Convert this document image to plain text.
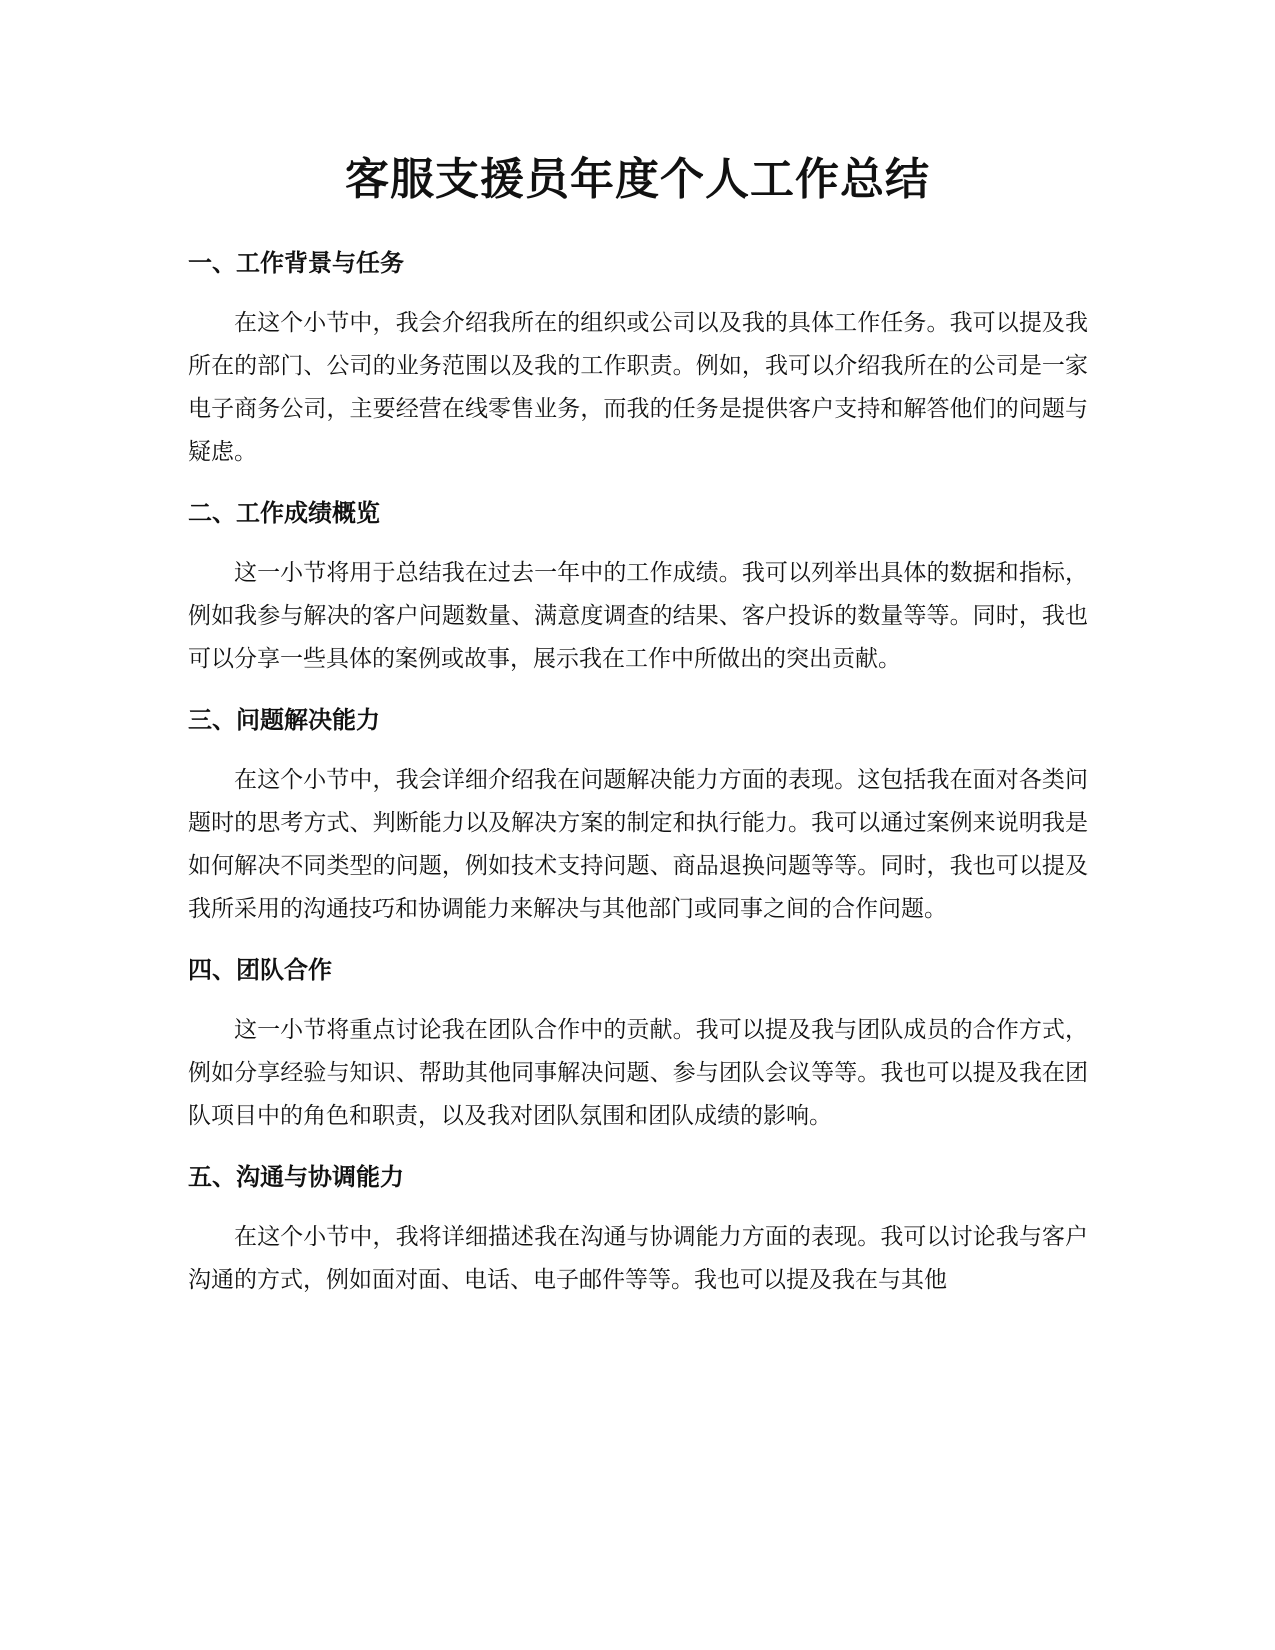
客服支援员年度个人工作总结
一、工作背景与任务

在这个小节中，我会介绍我所在的组织或公司以及我的具体工作任务。我可以提及我所在的部门、公司的业务范围以及我的工作职责。例如，我可以介绍我所在的公司是一家电子商务公司，主要经营在线零售业务，而我的任务是提供客户支持和解答他们的问题与疑虑。

二、工作成绩概览

这一小节将用于总结我在过去一年中的工作成绩。我可以列举出具体的数据和指标，例如我参与解决的客户问题数量、满意度调查的结果、客户投诉的数量等等。同时，我也可以分享一些具体的案例或故事，展示我在工作中所做出的突出贡献。

三、问题解决能力

在这个小节中，我会详细介绍我在问题解决能力方面的表现。这包括我在面对各类问题时的思考方式、判断能力以及解决方案的制定和执行能力。我可以通过案例来说明我是如何解决不同类型的问题，例如技术支持问题、商品退换问题等等。同时，我也可以提及我所采用的沟通技巧和协调能力来解决与其他部门或同事之间的合作问题。

四、团队合作

这一小节将重点讨论我在团队合作中的贡献。我可以提及我与团队成员的合作方式，例如分享经验与知识、帮助其他同事解决问题、参与团队会议等等。我也可以提及我在团队项目中的角色和职责，以及我对团队氛围和团队成绩的影响。

五、沟通与协调能力

在这个小节中，我将详细描述我在沟通与协调能力方面的表现。我可以讨论我与客户沟通的方式，例如面对面、电话、电子邮件等等。我也可以提及我在与其他
